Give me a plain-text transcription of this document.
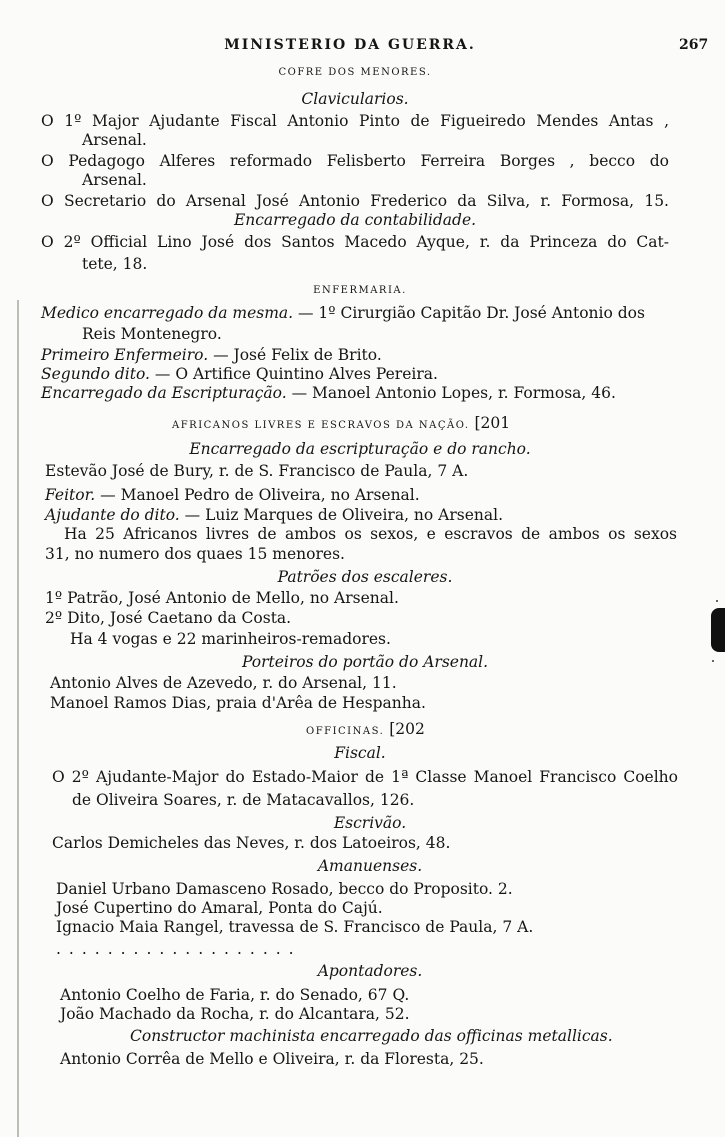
MINISTERIO DA GUERRA.	267
COFRE DOS MENORES.
Clavicularios.
O 1º Major Ajudante Fiscal Antonio Pinto de Figueiredo Mendes Antas ,
Arsenal.
O Pedagogo Alferes reformado Felisberto Ferreira Borges , becco do
Arsenal.
O Secretario do Arsenal José Antonio Frederico da Silva, r. Formosa, 15.
Encarregado da contabilidade.
O 2º Official Lino José dos Santos Macedo Ayque, r. da Princeza do Cat-
tete, 18.
ENFERMARIA.
Medico encarregado da mesma. — 1º Cirurgião Capitão Dr. José Antonio dos
Reis Montenegro.
Primeiro Enfermeiro. — José Felix de Brito.
Segundo dito. — O Artifice Quintino Alves Pereira.
Encarregado da Escripturação. — Manoel Antonio Lopes, r. Formosa, 46.
AFRICANOS LIVRES E ESCRAVOS DA NAÇÃO. [201
Encarregado da escripturação e do rancho.
Estevão José de Bury, r. de S. Francisco de Paula, 7 A.
Feitor. — Manoel Pedro de Oliveira, no Arsenal.
Ajudante do dito. — Luiz Marques de Oliveira, no Arsenal.
Ha 25 Africanos livres de ambos os sexos, e escravos de ambos os sexos
31, no numero dos quaes 15 menores.
Patrões dos escaleres.
1º Patrão, José Antonio de Mello, no Arsenal.
2º Dito, José Caetano da Costa.
Ha 4 vogas e 22 marinheiros-remadores.
Porteiros do portão do Arsenal.
Antonio Alves de Azevedo, r. do Arsenal, 11.
Manoel Ramos Dias, praia d'Arêa de Hespanha.
OFFICINAS. [202
Fiscal.
O 2º Ajudante-Major do Estado-Maior de 1ª Classe Manoel Francisco Coelho
de Oliveira Soares, r. de Matacavallos, 126.
Escrivão.
Carlos Demicheles das Neves, r. dos Latoeiros, 48.
Amanuenses.
Daniel Urbano Damasceno Rosado, becco do Proposito. 2.
José Cupertino do Amaral, Ponta do Cajú.
Ignacio Maia Rangel, travessa de S. Francisco de Paula, 7 A.
...................
Apontadores.
Antonio Coelho de Faria, r. do Senado, 67 Q.
João Machado da Rocha, r. do Alcantara, 52.
Constructor machinista encarregado das officinas metallicas.
Antonio Corrêa de Mello e Oliveira, r. da Floresta, 25.
